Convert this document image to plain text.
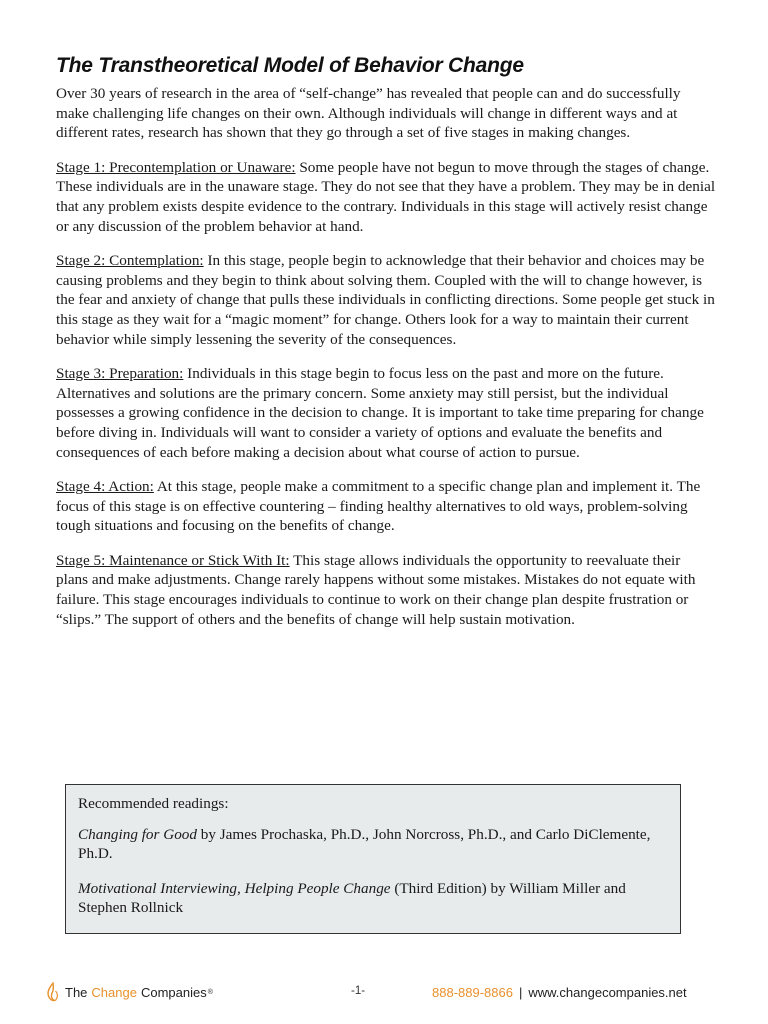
The Transtheoretical Model of Behavior Change

Over 30 years of research in the area of “self-change” has revealed that people can and do successfully make challenging life changes on their own. Although individuals will change in different ways and at different rates, research has shown that they go through a set of five stages in making changes.

Stage 1: Precontemplation or Unaware: Some people have not begun to move through the stages of change. These individuals are in the unaware stage. They do not see that they have a problem. They may be in denial that any problem exists despite evidence to the contrary. Individuals in this stage will actively resist change or any discussion of the problem behavior at hand.

Stage 2: Contemplation: In this stage, people begin to acknowledge that their behavior and choices may be causing problems and they begin to think about solving them. Coupled with the will to change however, is the fear and anxiety of change that pulls these individuals in conflicting directions. Some people get stuck in this stage as they wait for a “magic moment” for change. Others look for a way to maintain their current behavior while simply lessening the severity of the consequences.

Stage 3: Preparation: Individuals in this stage begin to focus less on the past and more on the future. Alternatives and solutions are the primary concern. Some anxiety may still persist, but the individual possesses a growing confidence in the decision to change. It is important to take time preparing for change before diving in. Individuals will want to consider a variety of options and evaluate the benefits and consequences of each before making a decision about what course of action to pursue.

Stage 4: Action: At this stage, people make a commitment to a specific change plan and implement it. The focus of this stage is on effective countering – finding healthy alternatives to old ways, problem-solving tough situations and focusing on the benefits of change.

Stage 5: Maintenance or Stick With It: This stage allows individuals the opportunity to reevaluate their plans and make adjustments. Change rarely happens without some mistakes. Mistakes do not equate with failure. This stage encourages individuals to continue to work on their change plan despite frustration or “slips.” The support of others and the benefits of change will help sustain motivation.

Recommended readings:

Changing for Good by James Prochaska, Ph.D., John Norcross, Ph.D., and Carlo DiClemente, Ph.D.

Motivational Interviewing, Helping People Change (Third Edition) by William Miller and Stephen Rollnick

The Change Companies ®	-1-	888-889-8866 | www.changecompanies.net
